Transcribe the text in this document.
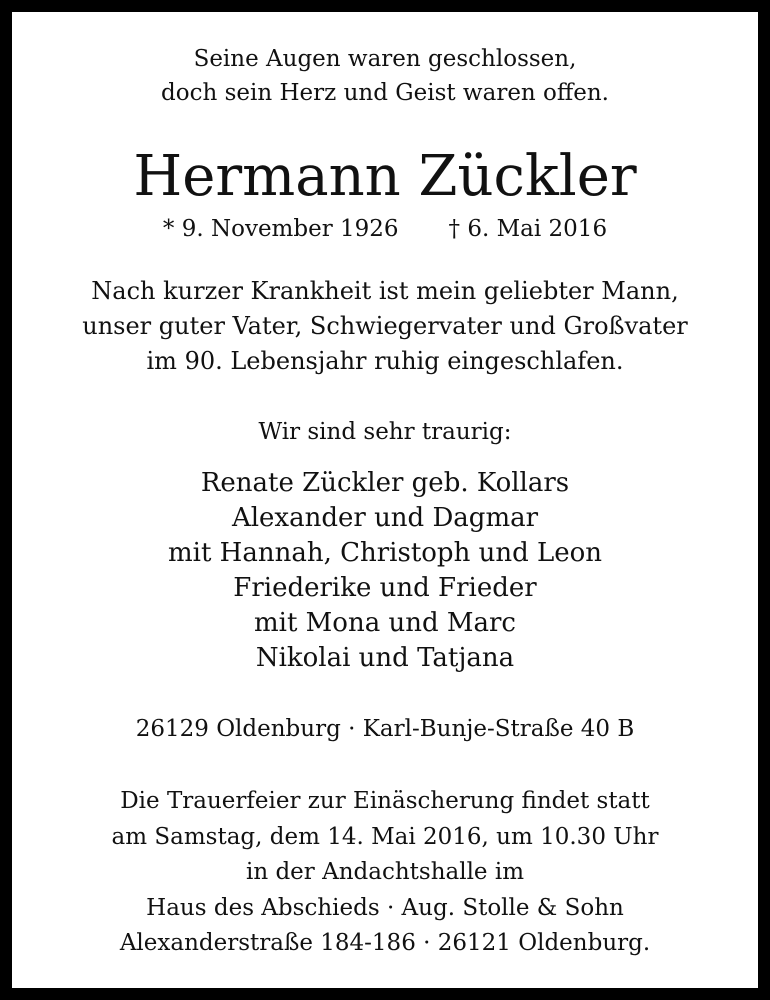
Seine Augen waren geschlossen,
doch sein Herz und Geist waren offen.
Hermann Zückler
* 9. November 1926 † 6. Mai 2016
Nach kurzer Krankheit ist mein geliebter Mann,
unser guter Vater, Schwiegervater und Großvater
im 90. Lebensjahr ruhig eingeschlafen.
Wir sind sehr traurig:
Renate Zückler geb. Kollars
Alexander und Dagmar
mit Hannah, Christoph und Leon
Friederike und Frieder
mit Mona und Marc
Nikolai und Tatjana
26129 Oldenburg · Karl-Bunje-Straße 40 B
Die Trauerfeier zur Einäscherung findet statt
am Samstag, dem 14. Mai 2016, um 10.30 Uhr
in der Andachtshalle im
Haus des Abschieds · Aug. Stolle & Sohn
Alexanderstraße 184-186 · 26121 Oldenburg.
